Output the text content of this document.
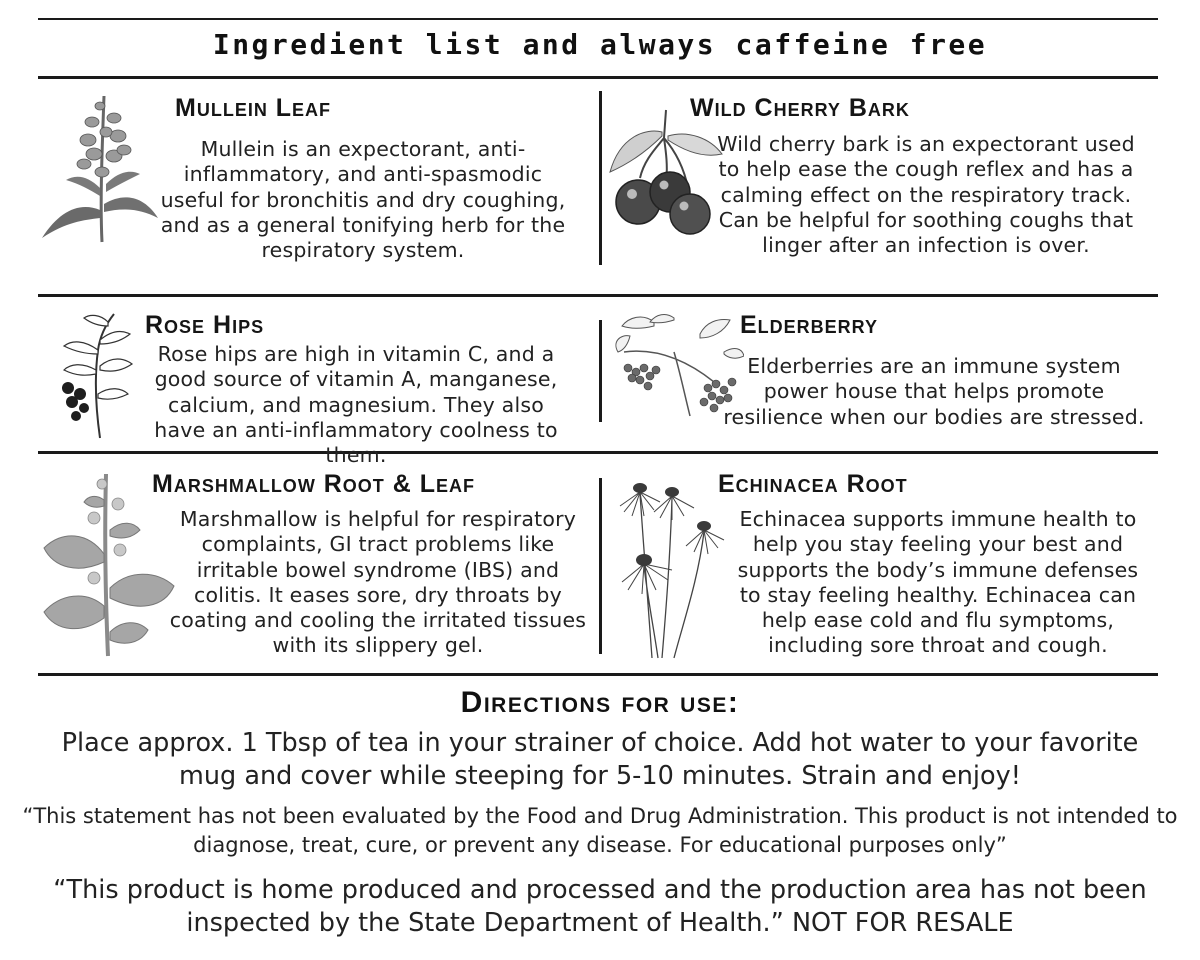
Ingredient list and always caffeine free
Mullein Leaf

Mullein is an expectorant, anti-inflammatory, and anti-spasmodic useful for bronchitis and dry coughing, and as a general tonifying herb for the respiratory system.

Wild Cherry Bark

Wild cherry bark is an expectorant used to help ease the cough reflex and has a calming effect on the respiratory track. Can be helpful for soothing coughs that linger after an infection is over.

Rose Hips

Rose hips are high in vitamin C, and a good source of vitamin A, manganese, calcium, and magnesium. They also have an anti-inflammatory coolness to them.

Elderberry

Elderberries are an immune system power house that helps promote resilience when our bodies are stressed.

Marshmallow Root & Leaf

Marshmallow is helpful for respiratory complaints, GI tract problems like irritable bowel syndrome (IBS) and colitis. It eases sore, dry throats by coating and cooling the irritated tissues with its slippery gel.

Echinacea Root

Echinacea supports immune health to help you stay feeling your best and supports the body’s immune defenses to stay feeling healthy. Echinacea can help ease cold and flu symptoms, including sore throat and cough.

Directions for use:
Place approx. 1 Tbsp of tea in your strainer of choice. Add hot water to your favorite mug and cover while steeping for 5-10 minutes. Strain and enjoy!
“This statement has not been evaluated by the Food and Drug Administration. This product is not intended to diagnose, treat, cure, or prevent any disease. For educational purposes only”
“This product is home produced and processed and the production area has not been inspected by the State Department of Health.” NOT FOR RESALE
